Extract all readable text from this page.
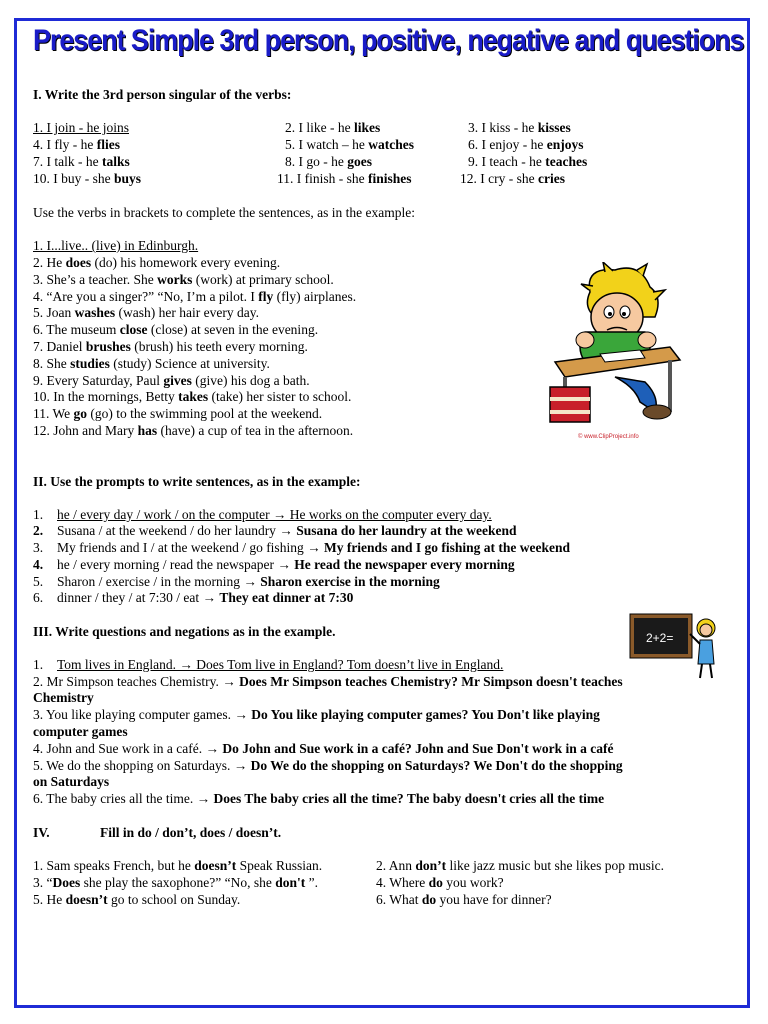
Present Simple 3rd person, positive, negative and questions
I. Write the 3rd person singular of the verbs:
1. I join - he joins	2. I like - he likes	3. I kiss - he kisses
4. I fly - he flies	5. I watch – he watches	6. I enjoy - he enjoys
7. I talk - he talks	8. I go - he goes	9. I teach - he teaches
10. I buy - she buys	11. I finish - she finishes	12. I cry - she cries
Use the verbs in brackets to complete the sentences, as in the example:
1. I...live.. (live) in Edinburgh.
2. He does (do) his homework every evening.
3. She’s a teacher. She works (work) at primary school.
4. “Are you a singer?” “No, I’m a pilot. I fly (fly) airplanes.
5. Joan washes (wash) her hair every day.
6. The museum close (close) at seven in the evening.
7. Daniel brushes (brush) his teeth every morning.
8. She studies (study) Science at university.
9. Every Saturday, Paul gives (give) his dog a bath.
10. In the mornings, Betty takes (take) her sister to school.
11. We go (go) to the swimming pool at the weekend.
12. John and Mary has (have) a cup of tea in the afternoon.	© www.ClipProject.info
II. Use the prompts to write sentences, as in the example:
1. he / every day / work / on the computer → He works on the computer every day.
2. Susana / at the weekend / do her laundry → Susana do her laundry at the weekend
3. My friends and I / at the weekend / go fishing → My friends and I go fishing at the weekend
4. he / every morning / read the newspaper → He read the newspaper every morning
5. Sharon / exercise / in the morning → Sharon exercise in the morning
6. dinner / they / at 7:30 / eat → They eat dinner at 7:30
2+2=
III. Write questions and negations as in the example.
1. Tom lives in England. → Does Tom live in England? Tom doesn’t live in England.
2. Mr Simpson teaches Chemistry. → Does Mr Simpson teaches Chemistry? Mr Simpson doesn't teaches
Chemistry
3. You like playing computer games. → Do You like playing computer games? You Don't like playing
computer games
4. John and Sue work in a café. → Do John and Sue work in a café? John and Sue Don't work in a café
5. We do the shopping on Saturdays. → Do We do the shopping on Saturdays? We Don't do the shopping
on Saturdays
6. The baby cries all the time. → Does The baby cries all the time? The baby doesn't cries all the time
IV.	Fill in do / don’t, does / doesn’t.
1. Sam speaks French, but he doesn’t Speak Russian.	2. Ann don’t like jazz music but she likes pop music.
3. “Does she play the saxophone?” “No, she don't ”.	4. Where do you work?
5. He doesn’t go to school on Sunday.	6. What do you have for dinner?
